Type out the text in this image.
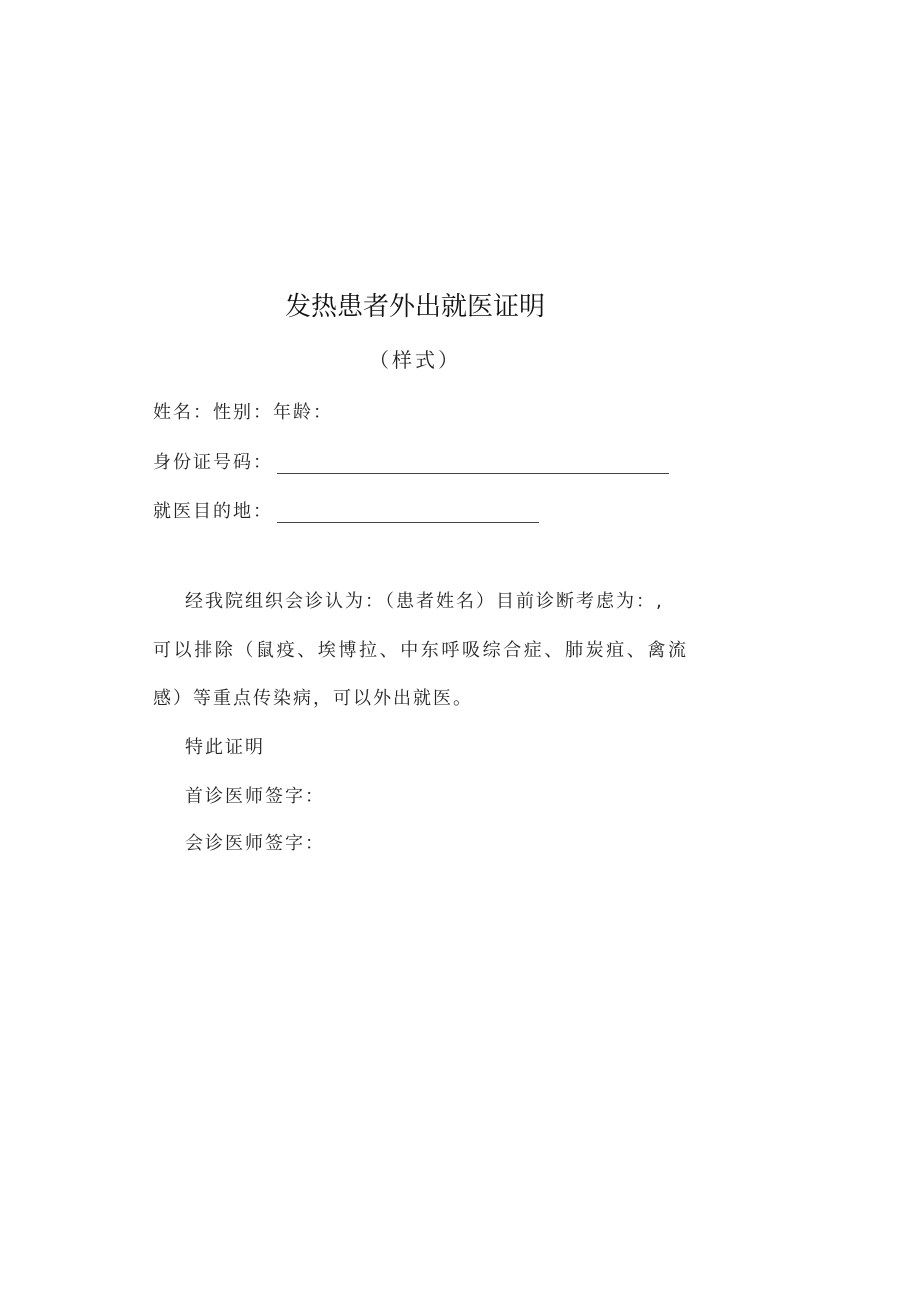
发热患者外出就医证明
（样式）
姓名：性别：年龄：
身份证号码：
就医目的地：
经我院组织会诊认为：（患者姓名）目前诊断考虑为：,
可以排除（鼠疫、埃博拉、中东呼吸综合症、肺炭疽、禽流
感）等重点传染病，可以外出就医。
特此证明
首诊医师签字：
会诊医师签字：
